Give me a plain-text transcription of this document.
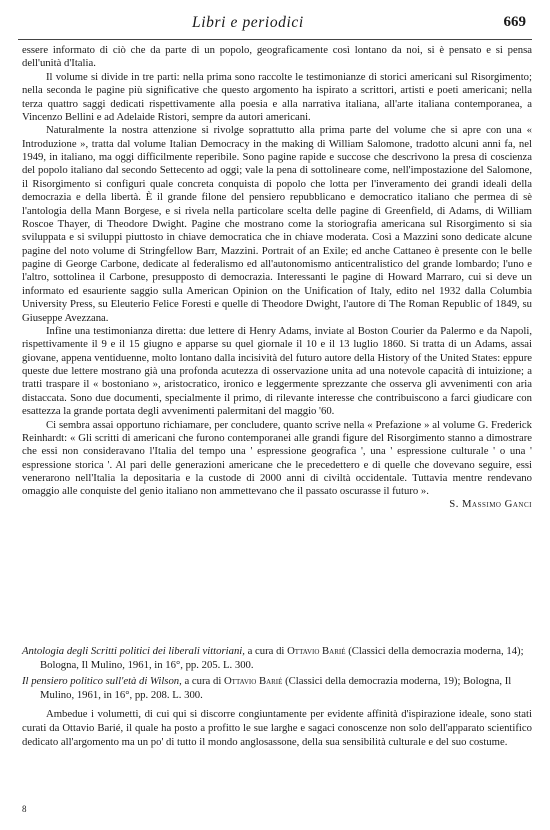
Libri e periodici	669

essere informato di ciò che da parte di un popolo, geograficamente così lontano da noi, si è pensato e si pensa dell'unità d'Italia.

Il volume si divide in tre parti: nella prima sono raccolte le testimonianze di storici americani sul Risorgimento; nella seconda le pagine più significative che questo argomento ha ispirato a scrittori, artisti e poeti americani; nella terza quattro saggi dedicati rispettivamente alla poesia e alla narrativa italiana, all'arte italiana contemporanea, a Vincenzo Bellini e ad Adelaide Ristori, sempre da autori americani.

Naturalmente la nostra attenzione si rivolge soprattutto alla prima parte del volume che si apre con una « Introduzione », tratta dal volume Italian Democracy in the making di William Salomone, tradotto alcuni anni fa, nel 1949, in italiano, ma oggi difficilmente reperibile. Sono pagine rapide e succose che descrivono la presa di coscienza del popolo italiano dal secondo Settecento ad oggi; vale la pena di sottolineare come, nell'impostazione del Salomone, il Risorgimento si configuri quale concreta conquista di popolo che lotta per l'inveramento dei grandi ideali della democrazia e della libertà. È il grande filone del pensiero repubblicano e democratico italiano che permea di sè l'antologia della Mann Borgese, e si rivela nella particolare scelta delle pagine di Greenfield, di Adams, di William Roscoe Thayer, di Theodore Dwight. Pagine che mostrano come la storiografia americana sul Risorgimento si sia sviluppata e si sviluppi piuttosto in chiave democratica che in chiave moderata. Così a Mazzini sono dedicate alcune pagine del noto volume di Stringfellow Barr, Mazzini. Portrait of an Exile; ed anche Cattaneo è presente con le belle pagine di George Carbone, dedicate al federalismo ed all'autonomismo anticentralistico del grande lombardo; l'uno e l'altro, sottolinea il Carbone, presupposto di democrazia. Interessanti le pagine di Howard Marraro, cui si deve un informato ed esauriente saggio sulla American Opinion on the Unification of Italy, edito nel 1932 dalla Columbia University Press, su Eleuterio Felice Foresti e quelle di Theodore Dwight, l'autore di The Roman Republic of 1849, su Giuseppe Avezzana.

Infine una testimonianza diretta: due lettere di Henry Adams, inviate al Boston Courier da Palermo e da Napoli, rispettivamente il 9 e il 15 giugno e apparse su quel giornale il 10 e il 13 luglio 1860. Si tratta di un Adams, assai giovane, appena ventiduenne, molto lontano dalla incisività del futuro autore della History of the United States: eppure queste due lettere mostrano già una profonda acutezza di osservazione unita ad una notevole capacità di intuizione; a tratti traspare il « bostoniano », aristocratico, ironico e leggermente sprezzante che osserva gli avvenimenti con aria distaccata. Sono due documenti, specialmente il primo, di rilevante interesse che contribuiscono a farci giudicare con esattezza la grande portata degli avvenimenti palermitani del maggio '60.

Ci sembra assai opportuno richiamare, per concludere, quanto scrive nella « Prefazione » al volume G. Frederick Reinhardt: « Gli scritti di americani che furono contemporanei alle grandi figure del Risorgimento stanno a dimostrare che essi non consideravano l'Italia del tempo una ' espressione geografica ', una ' espressione culturale ' o una ' espressione storica '. Al pari delle generazioni americane che le precedettero e di quelle che dovevano seguire, essi venerarono nell'Italia la depositaria e la custode di 2000 anni di civiltà occidentale. Tuttavia mentre rendevano omaggio alle conquiste del genio italiano non ammettevano che il passato oscurasse il futuro ».

S. Massimo Ganci

Antologia degli Scritti politici dei liberali vittoriani, a cura di Ottavio Barié (Classici della democrazia moderna, 14); Bologna, Il Mulino, 1961, in 16°, pp. 205. L. 300.

Il pensiero politico sull'età di Wilson, a cura di Ottavio Barié (Classici della democrazia moderna, 19); Bologna, Il Mulino, 1961, in 16°, pp. 208. L. 300.

Ambedue i volumetti, di cui qui si discorre congiuntamente per evidente affinità d'ispirazione ideale, sono stati curati da Ottavio Barié, il quale ha posto a profitto le sue larghe e sagaci conoscenze non solo dell'apparato scientifico dedicato all'argomento ma un po' di tutto il mondo anglosassone, della sua sensibilità culturale e del suo costume.

8
